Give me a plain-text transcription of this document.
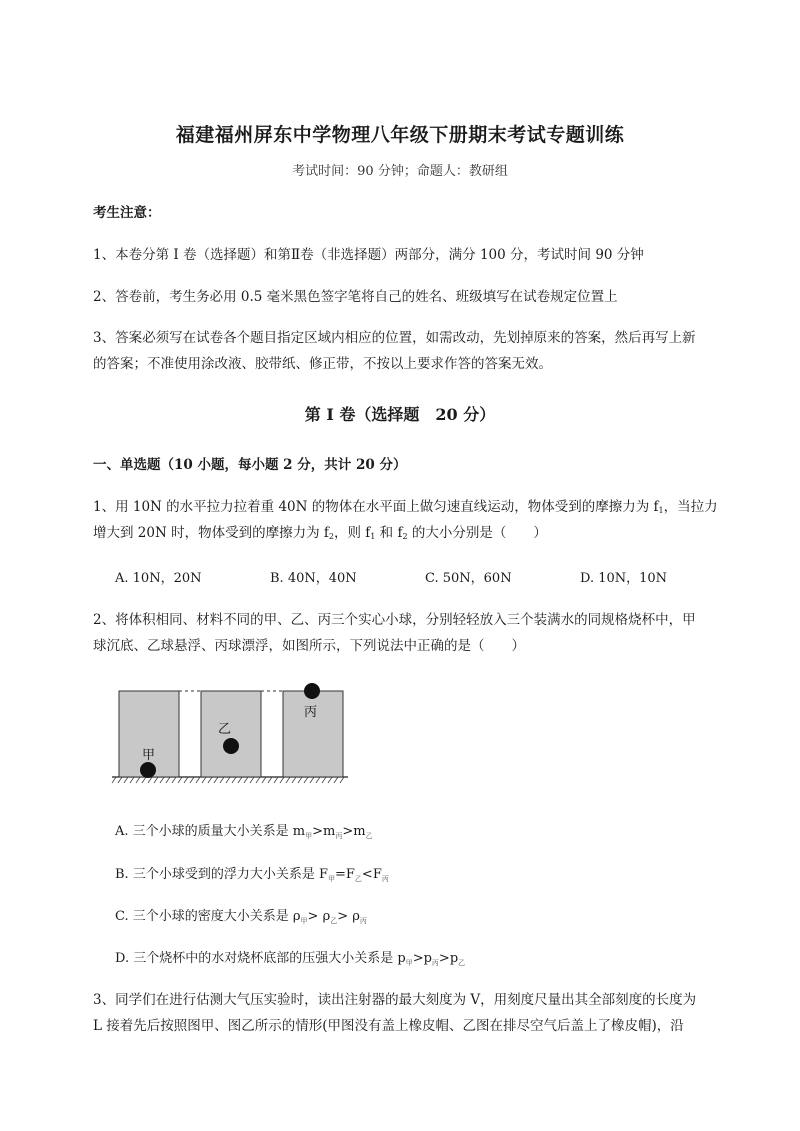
福建福州屏东中学物理八年级下册期末考试专题训练
考试时间：90 分钟；命题人：教研组
考生注意：
1、本卷分第 I 卷（选择题）和第Ⅱ卷（非选择题）两部分，满分 100 分，考试时间 90 分钟
2、答卷前，考生务必用 0.5 毫米黑色签字笔将自己的姓名、班级填写在试卷规定位置上
3、答案必须写在试卷各个题目指定区域内相应的位置，如需改动，先划掉原来的答案，然后再写上新
的答案；不准使用涂改液、胶带纸、修正带，不按以上要求作答的答案无效。
第 I 卷（选择题　20 分）
一、单选题（10 小题，每小题 2 分，共计 20 分）
1、用 10N 的水平拉力拉着重 40N 的物体在水平面上做匀速直线运动，物体受到的摩擦力为 $f_1$，当拉力
增大到 20N 时，物体受到的摩擦力为 $f_2$，则 $f_1$ 和 $f_2$ 的大小分别是（　　）
A. 10N，20N	B. 40N，40N	C. 50N，60N	D. 10N，10N
2、将体积相同、材料不同的甲、乙、丙三个实心小球，分别轻轻放入三个装满水的同规格烧杯中，甲
球沉底、乙球悬浮、丙球漂浮，如图所示，下列说法中正确的是（　　）
甲
乙
丙
A. 三个小球的质量大小关系是 $m_甲>m_丙>m_乙$
B. 三个小球受到的浮力大小关系是 $F_甲=F_乙<F_丙$
C. 三个小球的密度大小关系是 $\rho_甲> \rho_乙> \rho_丙$
D. 三个烧杯中的水对烧杯底部的压强大小关系是 $p_甲>p_丙>p_乙$
3、同学们在进行估测大气压实验时，读出注射器的最大刻度为 V，用刻度尺量出其全部刻度的长度为
L 接着先后按照图甲、图乙所示的情形(甲图没有盖上橡皮帽、乙图在排尽空气后盖上了橡皮帽)，沿
